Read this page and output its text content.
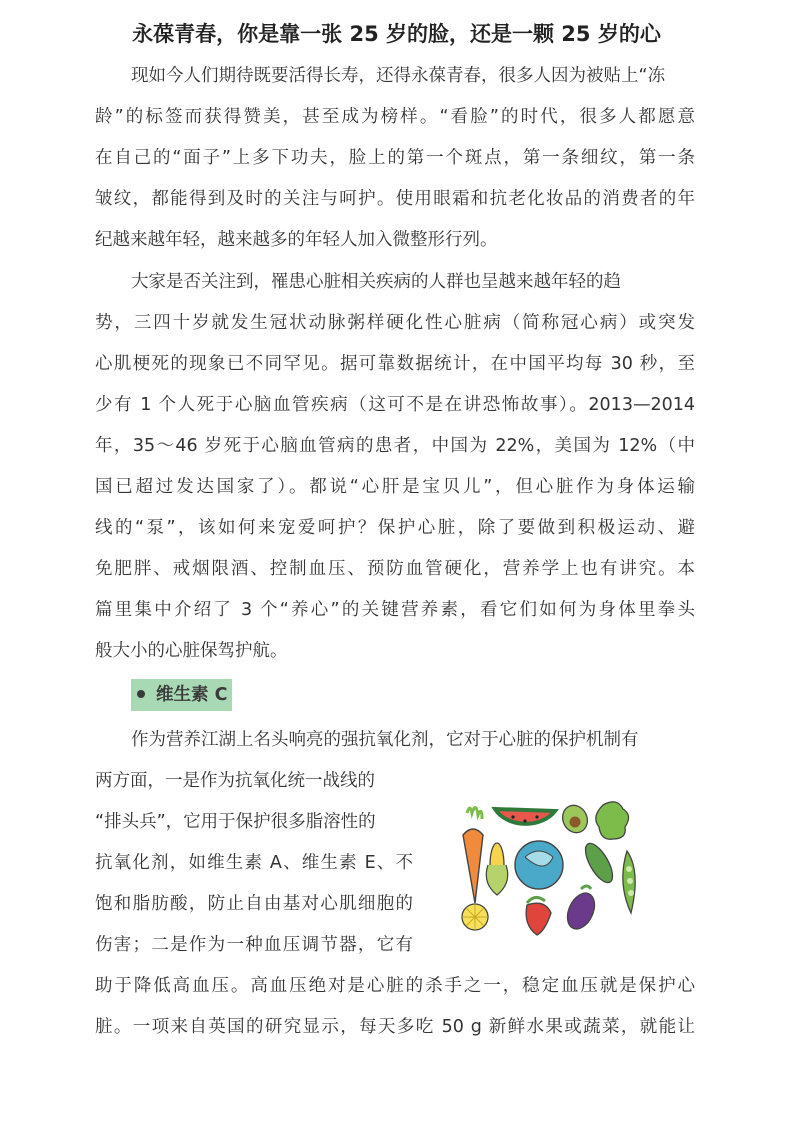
永葆青春，你是靠一张 25 岁的脸，还是一颗 25 岁的心
现如今人们期待既要活得长寿，还得永葆青春，很多人因为被贴上“冻
龄”的标签而获得赞美，甚至成为榜样。“看脸”的时代，很多人都愿意
在自己的“面子”上多下功夫，脸上的第一个斑点，第一条细纹，第一条
皱纹，都能得到及时的关注与呵护。使用眼霜和抗老化妆品的消费者的年
纪越来越年轻，越来越多的年轻人加入微整形行列。
大家是否关注到，罹患心脏相关疾病的人群也呈越来越年轻的趋
势，三四十岁就发生冠状动脉粥样硬化性心脏病（简称冠心病）或突发
心肌梗死的现象已不同罕见。据可靠数据统计，在中国平均每 30 秒，至
少有 1 个人死于心脑血管疾病（这可不是在讲恐怖故事）。2013—2014
年，35～46 岁死于心脑血管病的患者，中国为 22%，美国为 12%（中
国已超过发达国家了）。都说“心肝是宝贝儿”，但心脏作为身体运输
线的“泵”，该如何来宠爱呵护？保护心脏，除了要做到积极运动、避
免肥胖、戒烟限酒、控制血压、预防血管硬化，营养学上也有讲究。本
篇里集中介绍了 3 个“养心”的关键营养素，看它们如何为身体里拳头
般大小的心脏保驾护航。
维生素 C
作为营养江湖上名头响亮的强抗氧化剂，它对于心脏的保护机制有
两方面，一是作为抗氧化统一战线的
“排头兵”，它用于保护很多脂溶性的
抗氧化剂，如维生素 A、维生素 E、不
饱和脂肪酸，防止自由基对心肌细胞的
伤害；二是作为一种血压调节器，它有
助于降低高血压。高血压绝对是心脏的杀手之一，稳定血压就是保护心
脏。一项来自英国的研究显示，每天多吃 50 g 新鲜水果或蔬菜，就能让
